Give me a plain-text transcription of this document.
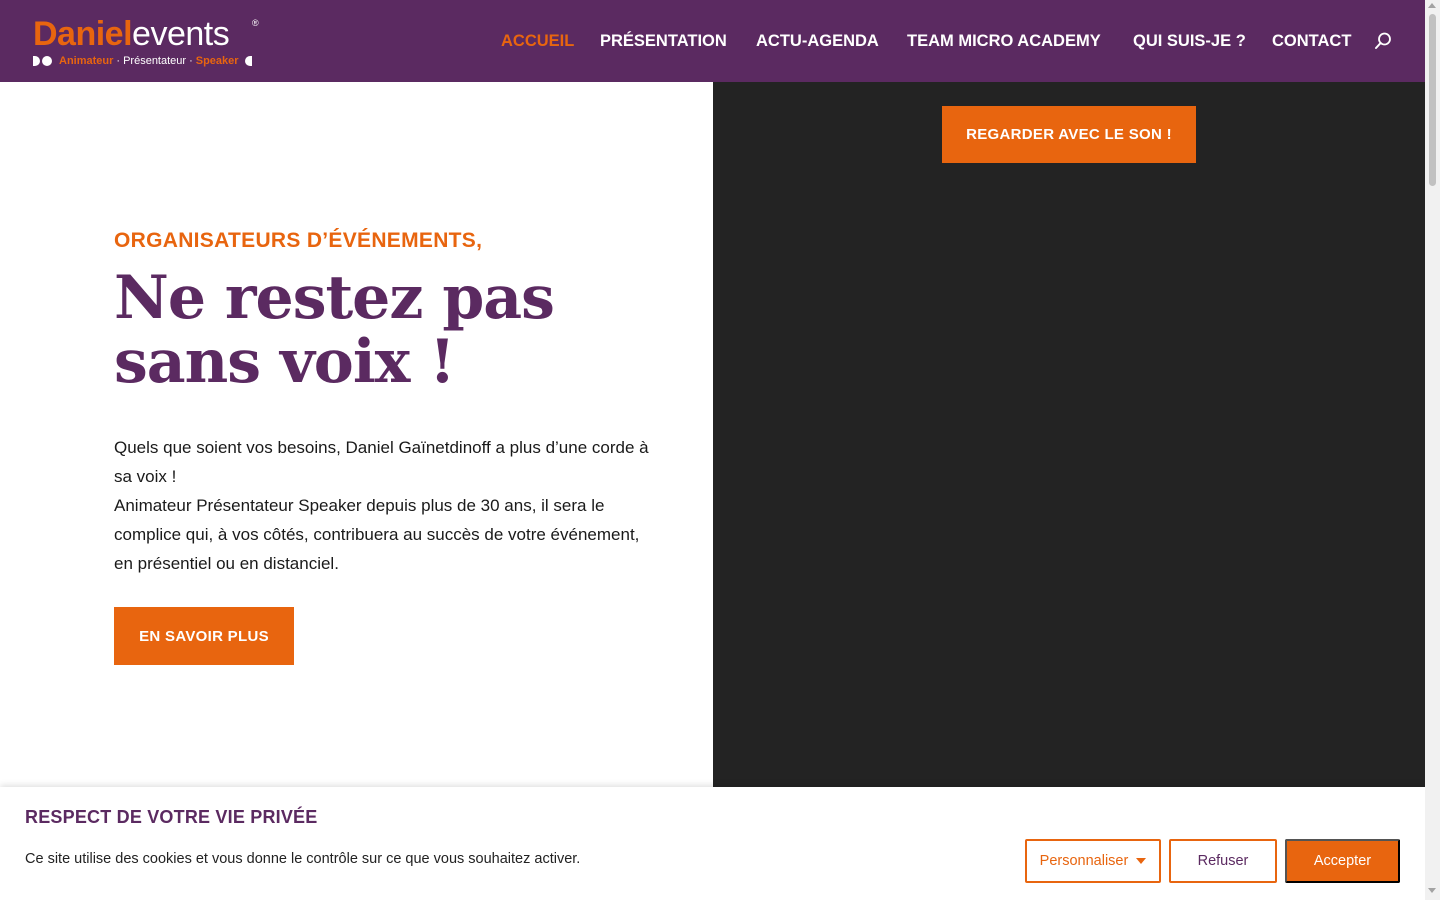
Danielevents	®
Animateur · Présentateur · Speaker
ACCUEIL PRÉSENTATION ACTU-AGENDA TEAM MICRO ACADEMY QUI SUIS-JE ? CONTACT
ORGANISATEURS D’ÉVÉNEMENTS,
Ne restez pas sans voix !

Quels que soient vos besoins, Daniel Gaïnetdinoff a plus d’une corde à sa voix !

Animateur Présentateur Speaker depuis plus de 30 ans, il sera le complice qui, à vos côtés, contribuera au succès de votre événement, en présentiel ou en distanciel.

EN SAVOIR PLUS
REGARDER AVEC LE SON !
RESPECT DE VOTRE VIE PRIVÉE
Ce site utilise des cookies et vous donne le contrôle sur ce que vous souhaitez activer.	Personnaliser	Refuser	Accepter
